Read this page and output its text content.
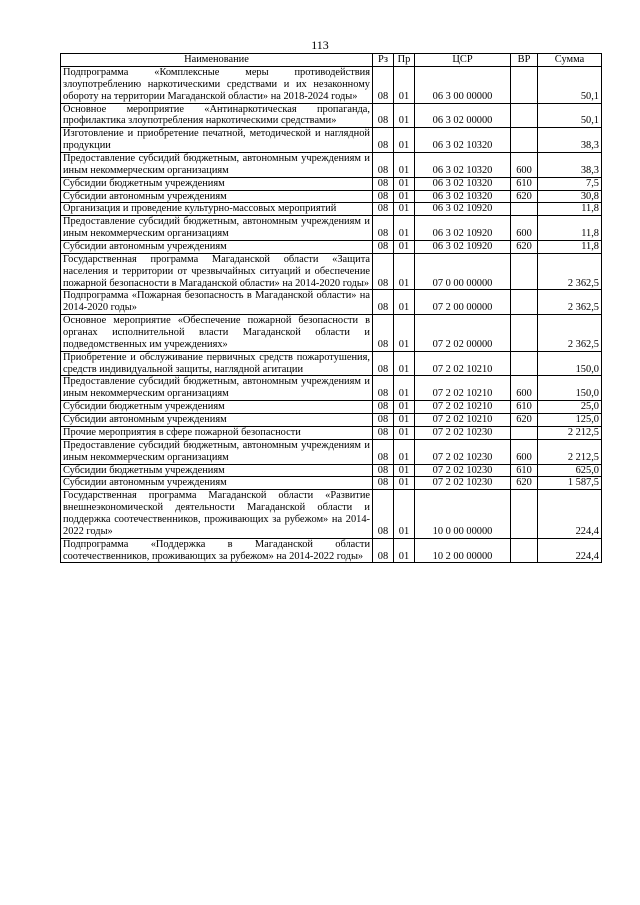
113
Наименование	Рз	Пр	ЦСР	ВР	Сумма
Подпрограмма «Комплексные меры противодействия злоупотреблению наркотическими средствами и их незаконному обороту на территории Магаданской области» на 2018-2024 годы»	08	01	06 3 00 00000		50,1
Основное мероприятие «Антинаркотическая пропаганда, профилактика злоупотребления наркотическими средствами»	08	01	06 3 02 00000		50,1
Изготовление и приобретение печатной, методической и наглядной продукции	08	01	06 3 02 10320		38,3
Предоставление субсидий бюджетным, автономным учреждениям и иным некоммерческим организациям	08	01	06 3 02 10320	600	38,3
Субсидии бюджетным учреждениям	08	01	06 3 02 10320	610	7,5
Субсидии автономным учреждениям	08	01	06 3 02 10320	620	30,8
Организация и проведение культурно-массовых мероприятий	08	01	06 3 02 10920		11,8
Предоставление субсидий бюджетным, автономным учреждениям и иным некоммерческим организациям	08	01	06 3 02 10920	600	11,8
Субсидии автономным учреждениям	08	01	06 3 02 10920	620	11,8
Государственная программа Магаданской области «Защита населения и территории от чрезвычайных ситуаций и обеспечение пожарной безопасности в Магаданской области» на 2014-2020 годы»	08	01	07 0 00 00000		2 362,5
Подпрограмма «Пожарная безопасность в Магаданской области» на 2014-2020 годы»	08	01	07 2 00 00000		2 362,5
Основное мероприятие «Обеспечение пожарной безопасности в органах исполнительной власти Магаданской области и подведомственных им учреждениях»	08	01	07 2 02 00000		2 362,5
Приобретение и обслуживание первичных средств пожаротушения, средств индивидуальной защиты, наглядной агитации	08	01	07 2 02 10210		150,0
Предоставление субсидий бюджетным, автономным учреждениям и иным некоммерческим организациям	08	01	07 2 02 10210	600	150,0
Субсидии бюджетным учреждениям	08	01	07 2 02 10210	610	25,0
Субсидии автономным учреждениям	08	01	07 2 02 10210	620	125,0
Прочие мероприятия в сфере пожарной безопасности	08	01	07 2 02 10230		2 212,5
Предоставление субсидий бюджетным, автономным учреждениям и иным некоммерческим организациям	08	01	07 2 02 10230	600	2 212,5
Субсидии бюджетным учреждениям	08	01	07 2 02 10230	610	625,0
Субсидии автономным учреждениям	08	01	07 2 02 10230	620	1 587,5
Государственная программа Магаданской области «Развитие внешнеэкономической деятельности Магаданской области и поддержка соотечественников, проживающих за рубежом» на 2014-2022 годы»	08	01	10 0 00 00000		224,4
Подпрограмма «Поддержка в Магаданской области соотечественников, проживающих за рубежом» на 2014-2022 годы»	08	01	10 2 00 00000		224,4
